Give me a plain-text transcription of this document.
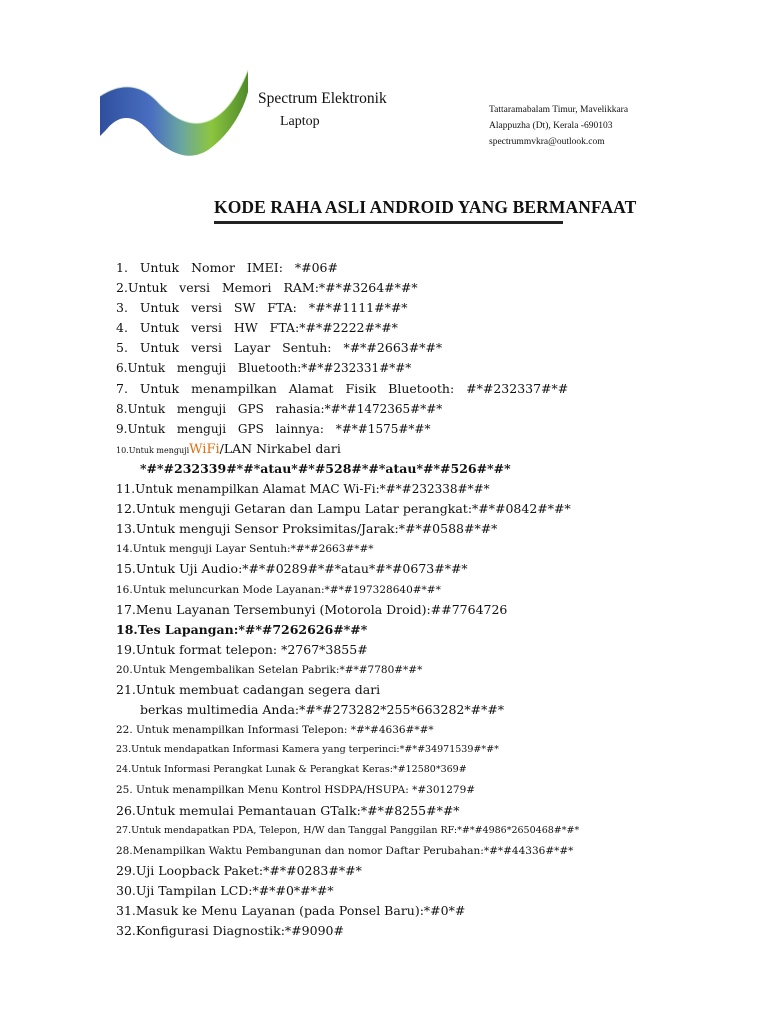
Spectrum Elektronik
Laptop
Tattaramabalam Timur, Mavelikkara
Alappuzha (Dt), Kerala -690103
spectrummvkra@outlook.com
KODE RAHA ASLI ANDROID YANG BERMANFAAT
1. Untuk Nomor IMEI: *#06#
2.Untuk versi Memori RAM:*#*#3264#*#*
3. Untuk versi SW FTA: *#*#1111#*#*
4. Untuk versi HW FTA:*#*#2222#*#*
5. Untuk versi Layar Sentuh: *#*#2663#*#*
6.Untuk menguji Bluetooth:*#*#232331#*#*
7. Untuk menampilkan Alamat Fisik Bluetooth: #*#232337#*#
8.Untuk menguji GPS rahasia:*#*#1472365#*#*
9.Untuk menguji GPS lainnya: *#*#1575#*#*
10.Untuk mengujiWiFi/LAN Nirkabel dari
*#*#232339#*#*atau*#*#528#*#*atau*#*#526#*#*
11.Untuk menampilkan Alamat MAC Wi-Fi:*#*#232338#*#*
12.Untuk menguji Getaran dan Lampu Latar perangkat:*#*#0842#*#*
13.Untuk menguji Sensor Proksimitas/Jarak:*#*#0588#*#*
14.Untuk menguji Layar Sentuh:*#*#2663#*#*
15.Untuk Uji Audio:*#*#0289#*#*atau*#*#0673#*#*
16.Untuk meluncurkan Mode Layanan:*#*#197328640#*#*
17.Menu Layanan Tersembunyi (Motorola Droid):##7764726
18.Tes Lapangan:*#*#7262626#*#*
19.Untuk format telepon: *2767*3855#
20.Untuk Mengembalikan Setelan Pabrik:*#*#7780#*#*
21.Untuk membuat cadangan segera dari
berkas multimedia Anda:*#*#273282*255*663282*#*#*
22. Untuk menampilkan Informasi Telepon: *#*#4636#*#*
23.Untuk mendapatkan Informasi Kamera yang terperinci:*#*#34971539#*#*
24.Untuk Informasi Perangkat Lunak & Perangkat Keras:*#12580*369#
25. Untuk menampilkan Menu Kontrol HSDPA/HSUPA: *#301279#
26.Untuk memulai Pemantauan GTalk:*#*#8255#*#*
27.Untuk mendapatkan PDA, Telepon, H/W dan Tanggal Panggilan RF:*#*#4986*2650468#*#*
28.Menampilkan Waktu Pembangunan dan nomor Daftar Perubahan:*#*#44336#*#*
29.Uji Loopback Paket:*#*#0283#*#*
30.Uji Tampilan LCD:*#*#0*#*#*
31.Masuk ke Menu Layanan (pada Ponsel Baru):*#0*#
32.Konfigurasi Diagnostik:*#9090#
